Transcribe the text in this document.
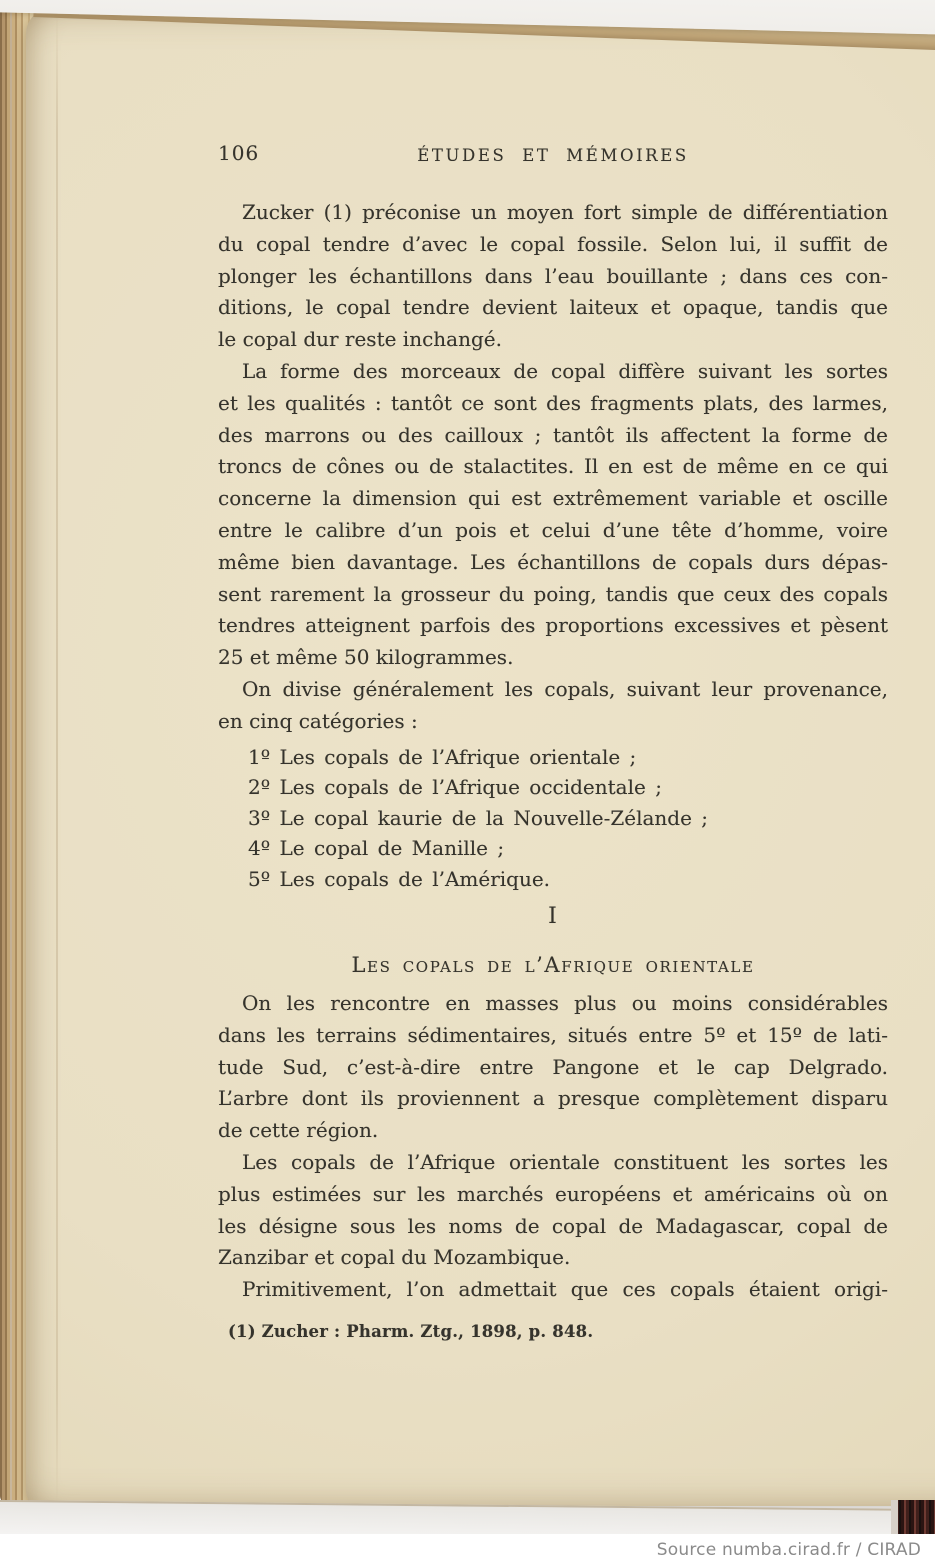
106	ÉTUDES ET MÉMOIRES
Zucker (1) préconise un moyen fort simple de différentiation
du copal tendre d’avec le copal fossile. Selon lui, il suffit de
plonger les échantillons dans l’eau bouillante ; dans ces con-
ditions, le copal tendre devient laiteux et opaque, tandis que
le copal dur reste inchangé.
La forme des morceaux de copal diffère suivant les sortes
et les qualités : tantôt ce sont des fragments plats, des larmes,
des marrons ou des cailloux ; tantôt ils affectent la forme de
troncs de cônes ou de stalactites. Il en est de même en ce qui
concerne la dimension qui est extrêmement variable et oscille
entre le calibre d’un pois et celui d’une tête d’homme, voire
même bien davantage. Les échantillons de copals durs dépas-
sent rarement la grosseur du poing, tandis que ceux des copals
tendres atteignent parfois des proportions excessives et pèsent
25 et même 50 kilogrammes.
On divise généralement les copals, suivant leur provenance,
en cinq catégories :
1º Les copals de l’Afrique orientale ;
2º Les copals de l’Afrique occidentale ;
3º Le copal kaurie de la Nouvelle-Zélande ;
4º Le copal de Manille ;
5º Les copals de l’Amérique.
I
Les copals de l’Afrique orientale
On les rencontre en masses plus ou moins considérables
dans les terrains sédimentaires, situés entre 5º et 15º de lati-
tude Sud, c’est-à-dire entre Pangone et le cap Delgrado.
L’arbre dont ils proviennent a presque complètement disparu
de cette région.
Les copals de l’Afrique orientale constituent les sortes les
plus estimées sur les marchés européens et américains où on
les désigne sous les noms de copal de Madagascar, copal de
Zanzibar et copal du Mozambique.
Primitivement, l’on admettait que ces copals étaient origi-
(1) Zucher : Pharm. Ztg., 1898, p. 848.
Source numba.cirad.fr / CIRAD
